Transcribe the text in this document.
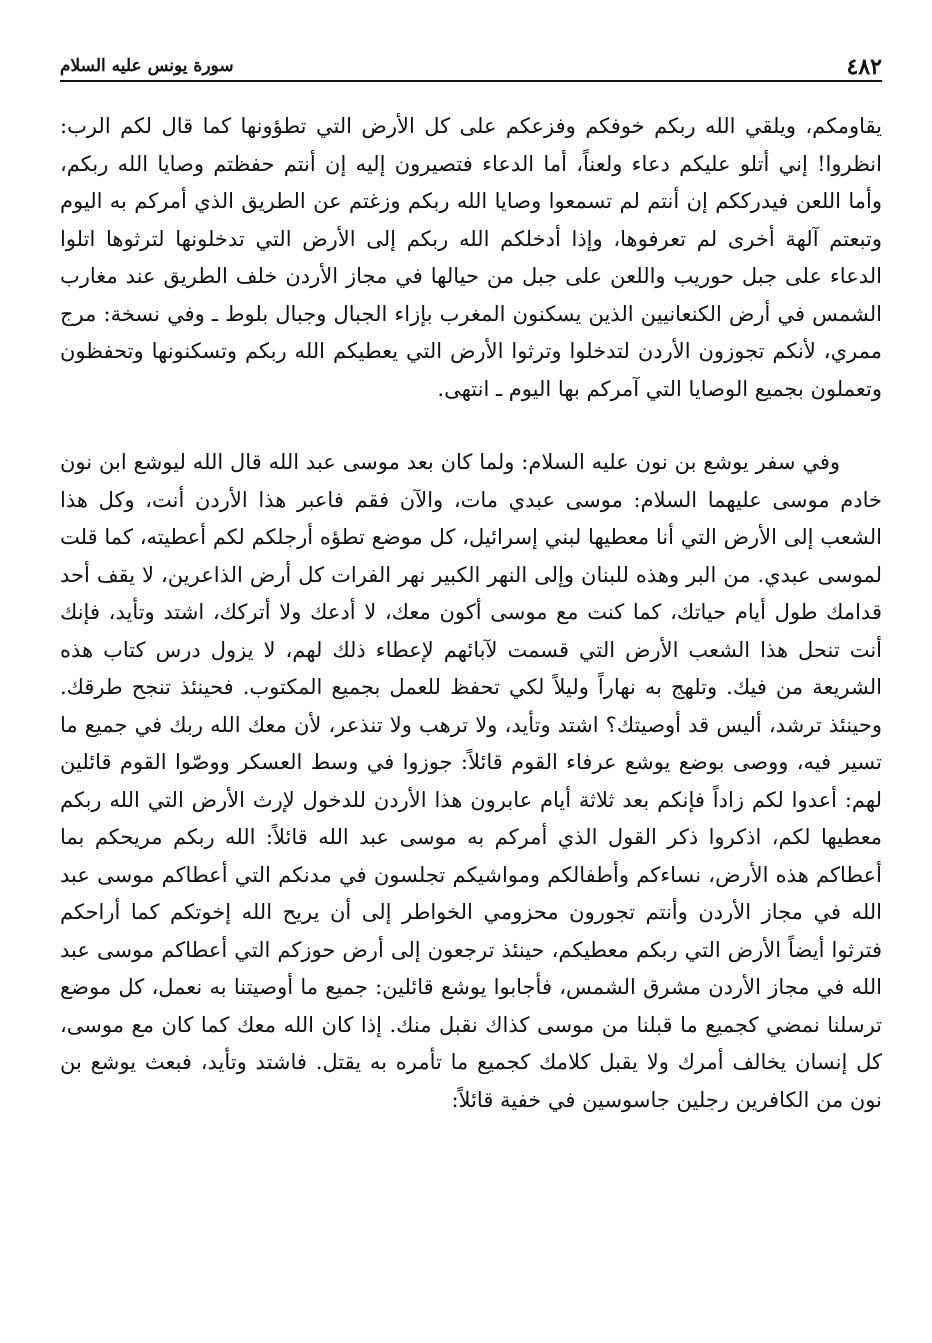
٤٨٢
سورة يونس عليه السلام

يقاومكم، ويلقي الله ربكم خوفكم وفزعكم على كل الأرض التي تطؤونها كما قال لكم الرب: انظروا! إني أتلو عليكم دعاء ولعناً، أما الدعاء فتصيرون إليه إن أنتم حفظتم وصايا الله ربكم، وأما اللعن فيدرككم إن أنتم لم تسمعوا وصايا الله ربكم وزغتم عن الطريق الذي أمركم به اليوم وتبعتم آلهة أخرى لم تعرفوها، وإذا أدخلكم الله ربكم إلى الأرض التي تدخلونها لترثوها اتلوا الدعاء على جبل حوريب واللعن على جبل من حيالها في مجاز الأردن خلف الطريق عند مغارب الشمس في أرض الكنعانيين الذين يسكنون المغرب بإزاء الجبال وجبال بلوط ـ وفي نسخة: مرج ممري، لأنكم تجوزون الأردن لتدخلوا وترثوا الأرض التي يعطيكم الله ربكم وتسكنونها وتحفظون وتعملون بجميع الوصايا التي آمركم بها اليوم ـ انتهى.

وفي سفر يوشع بن نون عليه السلام: ولما كان بعد موسى عبد الله قال الله ليوشع ابن نون خادم موسى عليهما السلام: موسى عبدي مات، والآن فقم فاعبر هذا الأردن أنت، وكل هذا الشعب إلى الأرض التي أنا معطيها لبني إسرائيل، كل موضع تطؤه أرجلكم لكم أعطيته، كما قلت لموسى عبدي. من البر وهذه للبنان وإلى النهر الكبير نهر الفرات كل أرض الذاعرين، لا يقف أحد قدامك طول أيام حياتك، كما كنت مع موسى أكون معك، لا أدعك ولا أتركك، اشتد وتأيد، فإنك أنت تنحل هذا الشعب الأرض التي قسمت لآبائهم لإعطاء ذلك لهم، لا يزول درس كتاب هذه الشريعة من فيك. وتلهج به نهاراً وليلاً لكي تحفظ للعمل بجميع المكتوب. فحينئذ تنجح طرقك. وحينئذ ترشد، أليس قد أوصيتك؟ اشتد وتأيد، ولا ترهب ولا تنذعر، لأن معك الله ربك في جميع ما تسير فيه، ووصى بوضع يوشع عرفاء القوم قائلاً: جوزوا في وسط العسكر ووصّوا القوم قائلين لهم: أعدوا لكم زاداً فإنكم بعد ثلاثة أيام عابرون هذا الأردن للدخول لإرث الأرض التي الله ربكم معطيها لكم، اذكروا ذكر القول الذي أمركم به موسى عبد الله قائلاً: الله ربكم مريحكم بما أعطاكم هذه الأرض، نساءكم وأطفالكم ومواشيكم تجلسون في مدنكم التي أعطاكم موسى عبد الله في مجاز الأردن وأنتم تجورون محزومي الخواطر إلى أن يريح الله إخوتكم كما أراحكم فترثوا أيضاً الأرض التي ربكم معطيكم، حينئذ ترجعون إلى أرض حوزكم التي أعطاكم موسى عبد الله في مجاز الأردن مشرق الشمس، فأجابوا يوشع قائلين: جميع ما أوصيتنا به نعمل، كل موضع ترسلنا نمضي كجميع ما قبلنا من موسى كذاك نقبل منك. إذا كان الله معك كما كان مع موسى، كل إنسان يخالف أمرك ولا يقبل كلامك كجميع ما تأمره به يقتل. فاشتد وتأيد، فبعث يوشع بن نون من الكافرين رجلين جاسوسين في خفية قائلاً:
